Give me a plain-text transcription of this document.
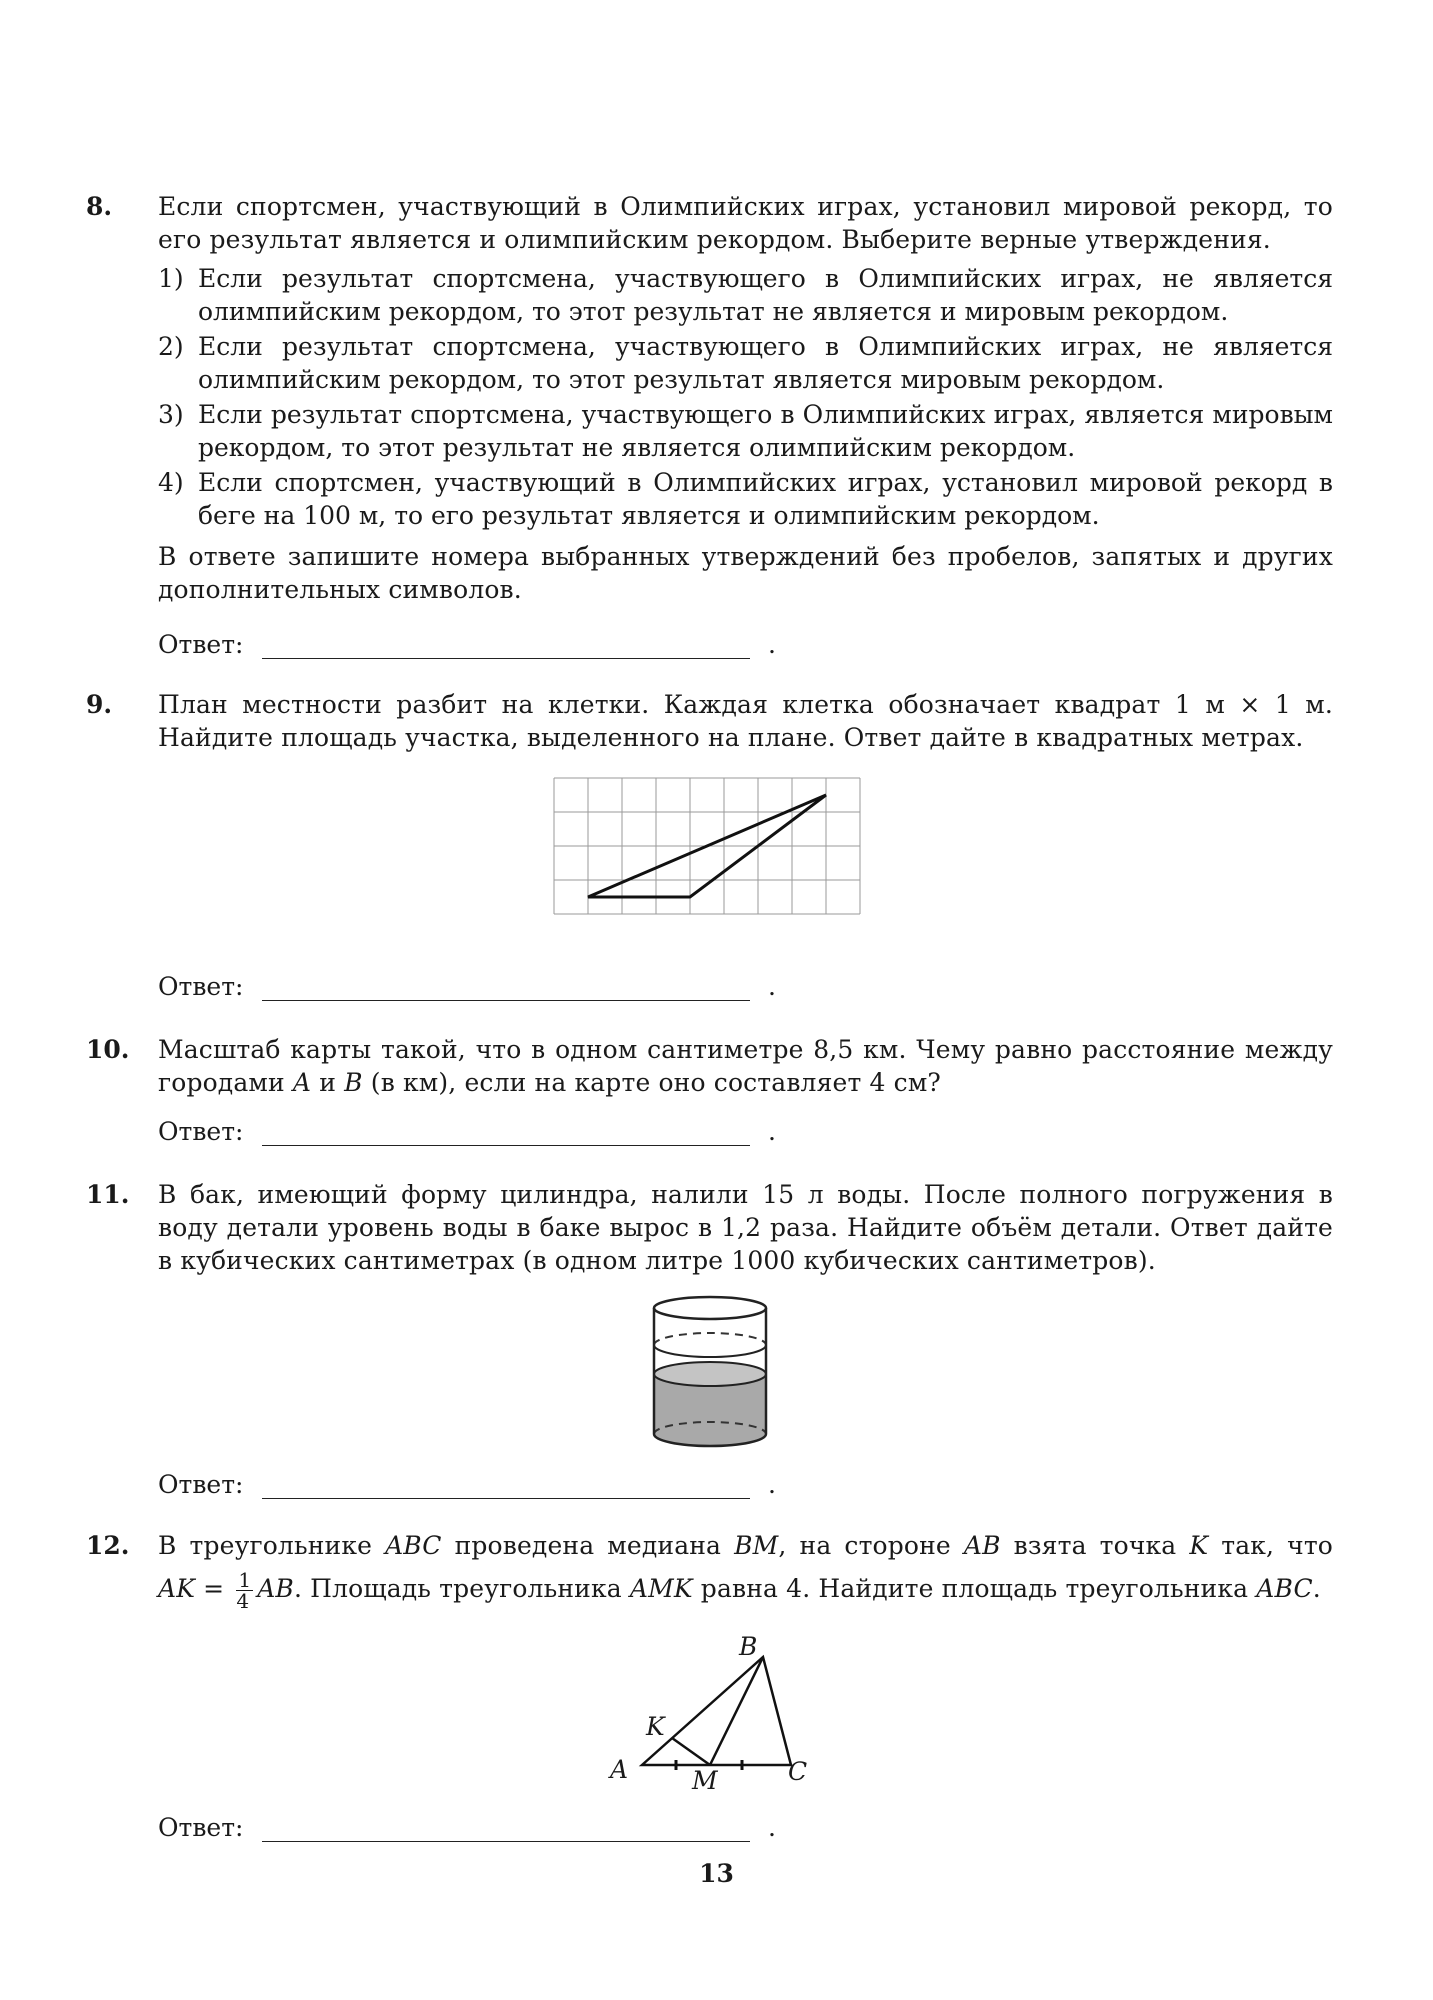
8.	Если спортсмен, участвующий в Олимпийских играх, установил мировой рекорд, то его результат является и олимпийским рекордом. Выберите верные утверждения.
1) Если результат спортсмена, участвующего в Олимпийских играх, не является олимпийским рекордом, то этот результат не является и мировым рекордом.
2) Если результат спортсмена, участвующего в Олимпийских играх, не является олимпийским рекордом, то этот результат является мировым рекордом.
3) Если результат спортсмена, участвующего в Олимпийских играх, является мировым рекордом, то этот результат не является олимпийским рекордом.
4) Если спортсмен, участвующий в Олимпийских играх, установил мировой рекорд в беге на 100 м, то его результат является и олимпийским рекордом.
В ответе запишите номера выбранных утверждений без пробелов, запятых и других дополнительных символов.
Ответ:	.
9.	План местности разбит на клетки. Каждая клетка обозначает квадрат 1 м × 1 м. Найдите площадь участка, выделенного на плане. Ответ дайте в квадратных метрах.
Ответ:	.
10.	Масштаб карты такой, что в одном сантиметре 8,5 км. Чему равно расстояние между
городами A и B (в км), если на карте оно составляет 4 см?
Ответ:	.
11.	В бак, имеющий форму цилиндра, налили 15 л воды. После полного погружения в воду детали уровень воды в баке вырос в 1,2 раза. Найдите объём детали. Ответ дайте в кубических сантиметрах (в одном литре 1000 кубических сантиметров).
Ответ:	.
12.	В треугольнике ABC проведена медиана BM, на стороне AB взята точка K так, что
AK = $\frac{1}{4}$ AB. Площадь треугольника AMK равна 4. Найдите площадь треугольника ABC.
Ответ:	.
A
B
C
K
M
13
